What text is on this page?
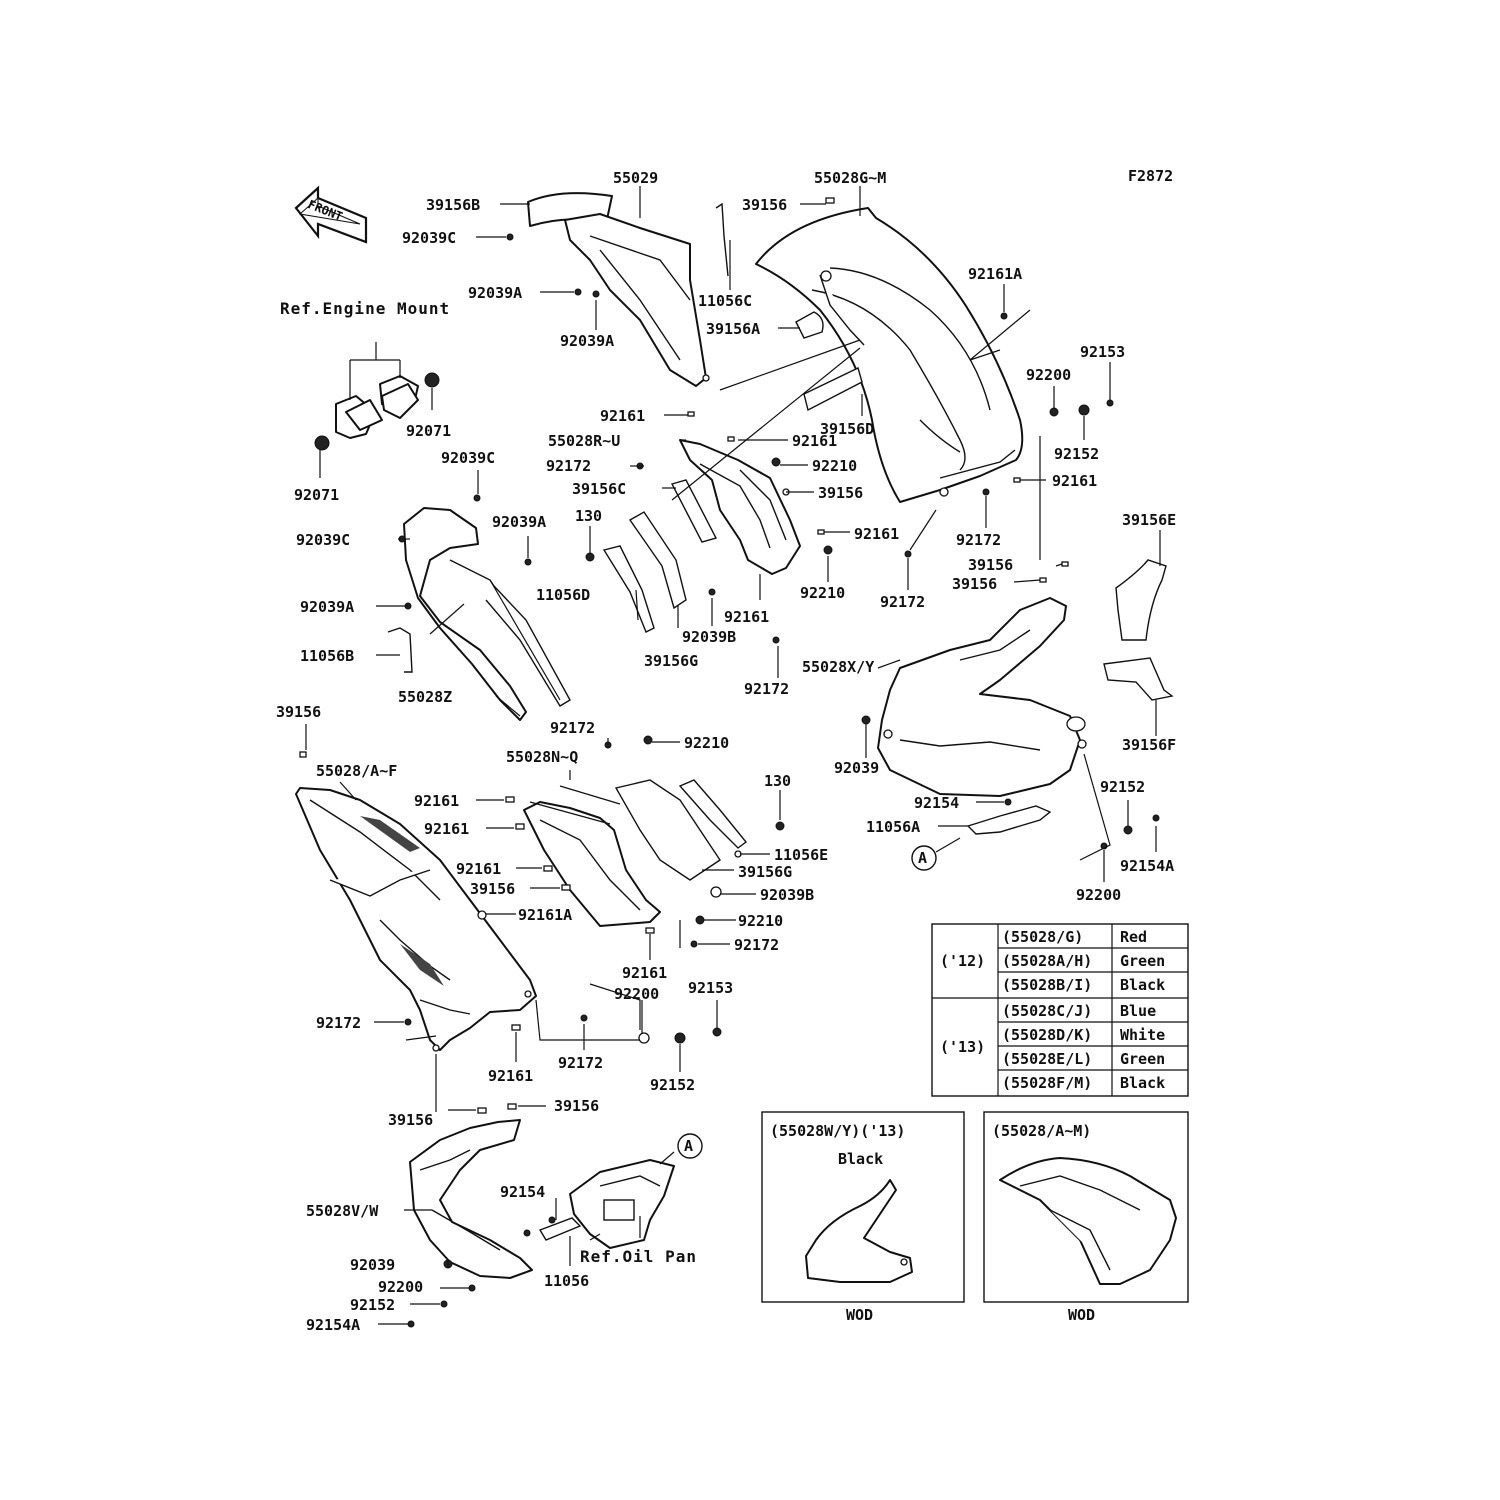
F2872
FRONT
55029	55028G~M
39156B	39156
92039C
92039A	11056C
39156A
92039A
92161A
92153
92200
92071
92161
39156D
55028R~U	92161
92152
92172	92210
92071
92039C
39156C	39156
92161
130
92039A
92161	92172
39156E
92039C
39156
92210
11056D
92161
39156
92172
92039A
92039B
11056B	39156G	55028X/Y
92172
55028Z
39156
92172
92039
39156F
92210
55028N~Q
55028/A~F
130
92154
92152
92161
11056A
92161
11056E
92154A
92161	39156G
39156	92039B	92200
92161A	92210
92172
92161
92200 92153
92172
92172
92152
92161
39156
39156
92154
55028V/W
11056
92039
92200
92152
92154A
Ref.Engine Mount
Ref.Oil Pan
A
A
('12)
(55028/G) Red
(55028A/H) Green
(55028B/I) Black
('13)
(55028C/J) Blue
(55028D/K) White
(55028E/L) Green
(55028F/M) Black
(55028W/Y)('13)
Black
WOD
(55028/A~M)
WOD
